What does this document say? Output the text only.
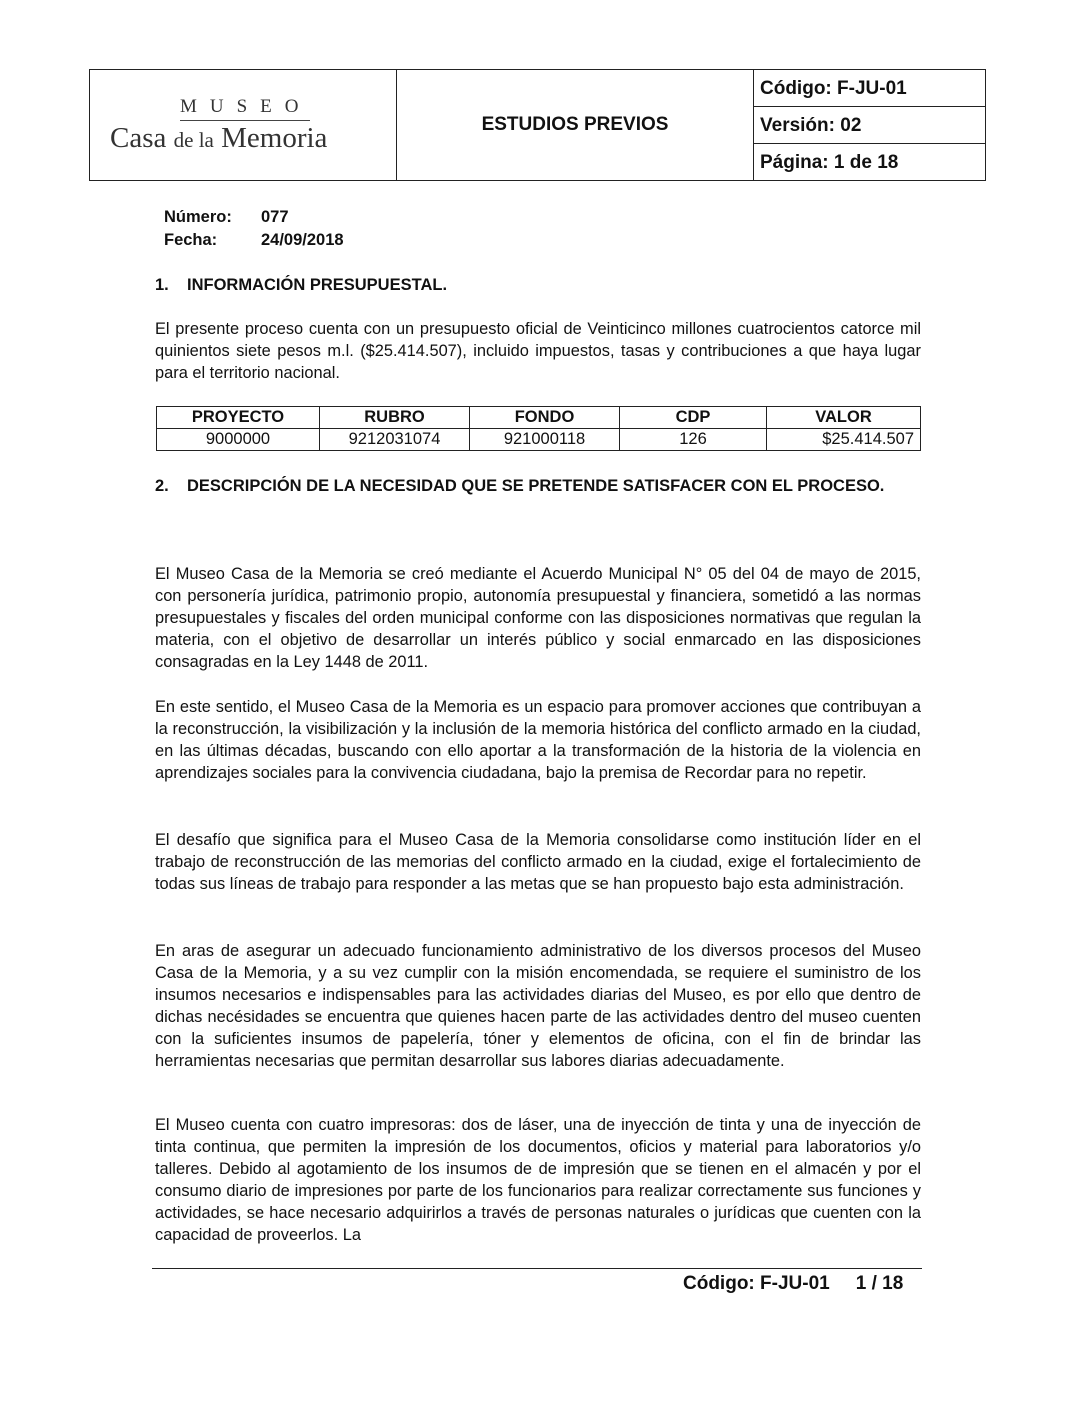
MUSEO
Casa de la Memoria	ESTUDIOS PREVIOS
Código: F-JU-01
Versión: 02
Página: 1 de 18
Número: 077
Fecha:	24/09/2018
1.	INFORMACIÓN PRESUPUESTAL.

El presente proceso cuenta con un presupuesto oficial de Veinticinco millones cuatrocientos catorce mil quinientos siete pesos m.l. ($25.414.507), incluido impuestos, tasas y contribuciones a que haya lugar para el territorio nacional.

PROYECTO	RUBRO	FONDO	CDP	VALOR
9000000	9212031074	921000118	126	$25.414.507
2.	DESCRIPCIÓN DE LA NECESIDAD QUE SE PRETENDE SATISFACER CON EL PROCESO.

El Museo Casa de la Memoria se creó mediante el Acuerdo Municipal N° 05 del 04 de mayo de 2015, con personería jurídica, patrimonio propio, autonomía presupuestal y financiera, sometidó a las normas presupuestales y fiscales del orden municipal conforme con las disposiciones normativas que regulan la materia, con el objetivo de desarrollar un interés público y social enmarcado en las disposiciones consagradas en la Ley 1448 de 2011.

En este sentido, el Museo Casa de la Memoria es un espacio para promover acciones que contribuyan a la reconstrucción, la visibilización y la inclusión de la memoria histórica del conflicto armado en la ciudad, en las últimas décadas, buscando con ello aportar a la transformación de la historia de la violencia en aprendizajes sociales para la convivencia ciudadana, bajo la premisa de Recordar para no repetir.

El desafío que significa para el Museo Casa de la Memoria consolidarse como institución líder en el trabajo de reconstrucción de las memorias del conflicto armado en la ciudad, exige el fortalecimiento de todas sus líneas de trabajo para responder a las metas que se han propuesto bajo esta administración.

En aras de asegurar un adecuado funcionamiento administrativo de los diversos procesos del Museo Casa de la Memoria, y a su vez cumplir con la misión encomendada, se requiere el suministro de los insumos necesarios e indispensables para las actividades diarias del Museo, es por ello que dentro de dichas necésidades se encuentra que quienes hacen parte de las actividades dentro del museo cuenten con la suficientes insumos de papelería, tóner y elementos de oficina, con el fin de brindar las herramientas necesarias que permitan desarrollar sus labores diarias adecuadamente.

El Museo cuenta con cuatro impresoras: dos de láser, una de inyección de tinta y una de inyección de tinta continua, que permiten la impresión de los documentos, oficios y material para laboratorios y/o talleres. Debido al agotamiento de los insumos de de impresión que se tienen en el almacén y por el consumo diario de impresiones por parte de los funcionarios para realizar correctamente sus funciones y actividades, se hace necesario adquirirlos a través de personas naturales o jurídicas que cuenten con la capacidad de proveerlos. La

Código: F-JU-01 1 / 18
